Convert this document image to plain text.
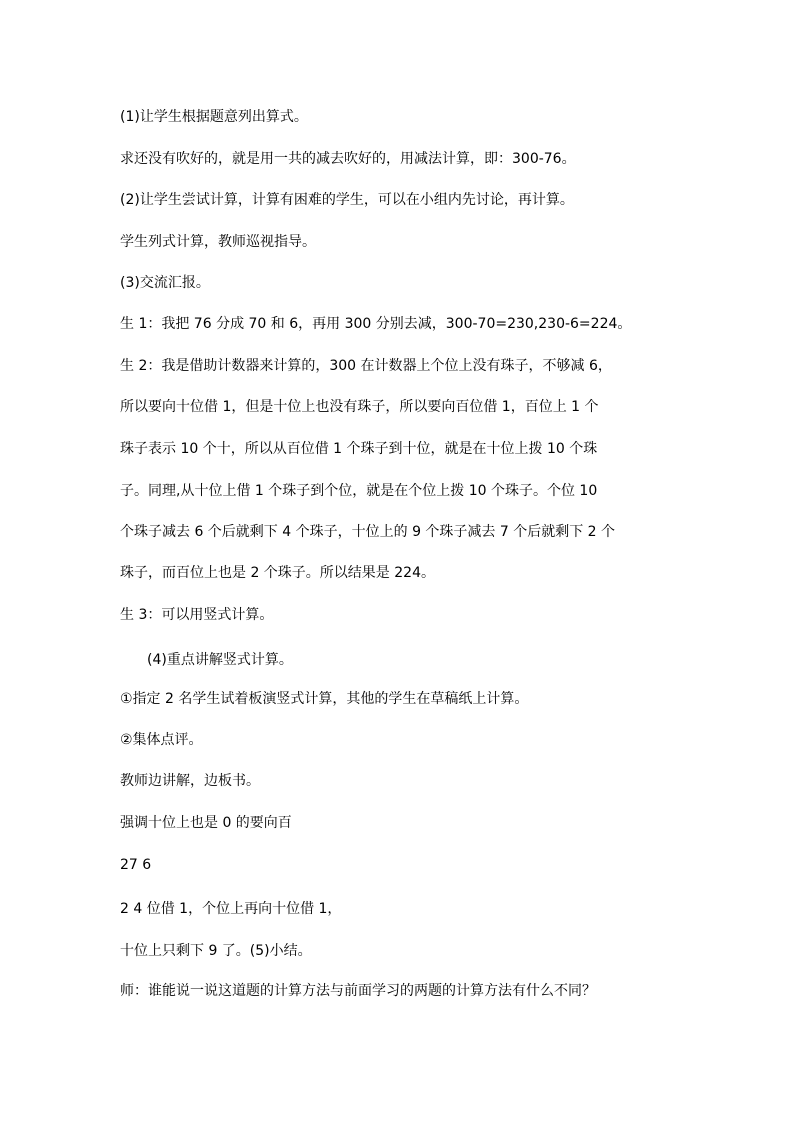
(1)让学生根据题意列出算式。
求还没有吹好的，就是用一共的减去吹好的，用减法计算，即：300-76。
(2)让学生尝试计算，计算有困难的学生，可以在小组内先讨论，再计算。
学生列式计算，教师巡视指导。
(3)交流汇报。
生 1：我把 76 分成 70 和 6，再用 300 分别去减，300-70=230,230-6=224。
生 2：我是借助计数器来计算的，300 在计数器上个位上没有珠子，不够减 6，
所以要向十位借 1，但是十位上也没有珠子，所以要向百位借 1，百位上 1 个
珠子表示 10 个十，所以从百位借 1 个珠子到十位，就是在十位上拨 10 个珠
子。同理,从十位上借 1 个珠子到个位，就是在个位上拨 10 个珠子。个位 10
个珠子减去 6 个后就剩下 4 个珠子，十位上的 9 个珠子减去 7 个后就剩下 2 个
珠子，而百位上也是 2 个珠子。所以结果是 224。
生 3：可以用竖式计算。
(4)重点讲解竖式计算。
①指定 2 名学生试着板演竖式计算，其他的学生在草稿纸上计算。
②集体点评。
教师边讲解，边板书。
强调十位上也是 0 的要向百
27 6
2 4 位借 1，个位上再向十位借 1，
十位上只剩下 9 了。(5)小结。
师：谁能说一说这道题的计算方法与前面学习的两题的计算方法有什么不同？
